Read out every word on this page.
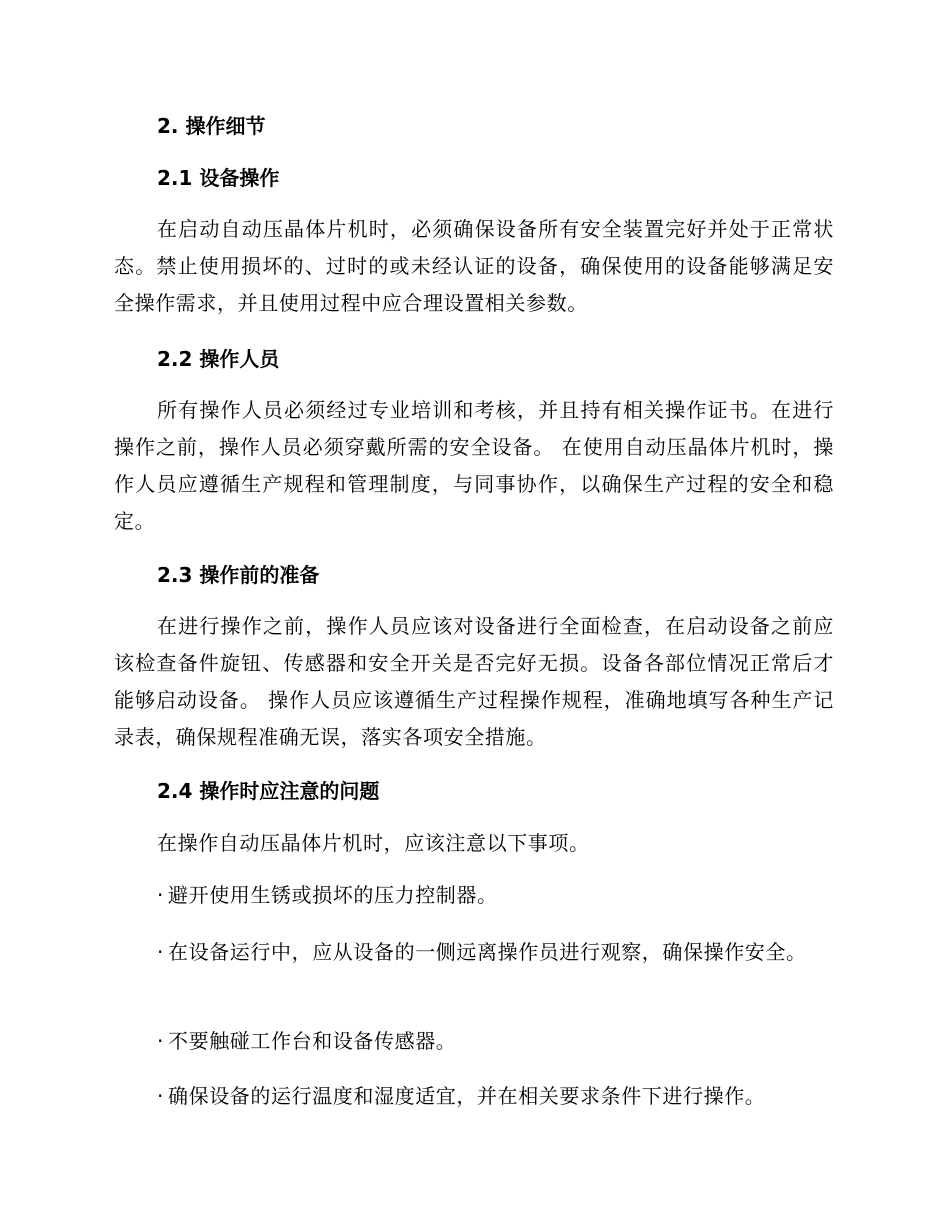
2. 操作细节
2.1 设备操作

在启动自动压晶体片机时，必须确保设备所有安全装置完好并处于正常状态。禁止使用损坏的、过时的或未经认证的设备，确保使用的设备能够满足安全操作需求，并且使用过程中应合理设置相关参数。

2.2 操作人员

所有操作人员必须经过专业培训和考核，并且持有相关操作证书。在进行操作之前，操作人员必须穿戴所需的安全设备。 在使用自动压晶体片机时，操作人员应遵循生产规程和管理制度，与同事协作，以确保生产过程的安全和稳定。

2.3 操作前的准备

在进行操作之前，操作人员应该对设备进行全面检查，在启动设备之前应该检查备件旋钮、传感器和安全开关是否完好无损。设备各部位情况正常后才能够启动设备。 操作人员应该遵循生产过程操作规程，准确地填写各种生产记录表，确保规程准确无误，落实各项安全措施。

2.4 操作时应注意的问题
在操作自动压晶体片机时，应该注意以下事项。

· 避开使用生锈或损坏的压力控制器。

· 在设备运行中，应从设备的一侧远离操作员进行观察，确保操作安全。

· 不要触碰工作台和设备传感器。

· 确保设备的运行温度和湿度适宜，并在相关要求条件下进行操作。
